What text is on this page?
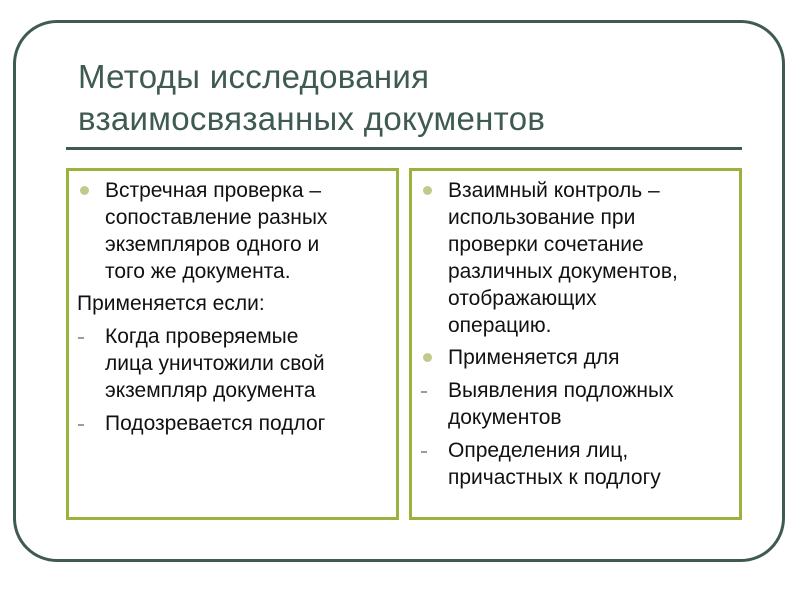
Методы исследования
взаимосвязанных документов
Встречная проверка –
сопоставление разных
экземпляров одного и
того же документа.
Применяется если:
Когда проверяемые
лица уничтожили свой
экземпляр документа
Подозревается подлог
Взаимный контроль –
использование при
проверки сочетание
различных документов,
отображающих
операцию.
Применяется для
Выявления подложных
документов
Определения лиц,
причастных к подлогу
